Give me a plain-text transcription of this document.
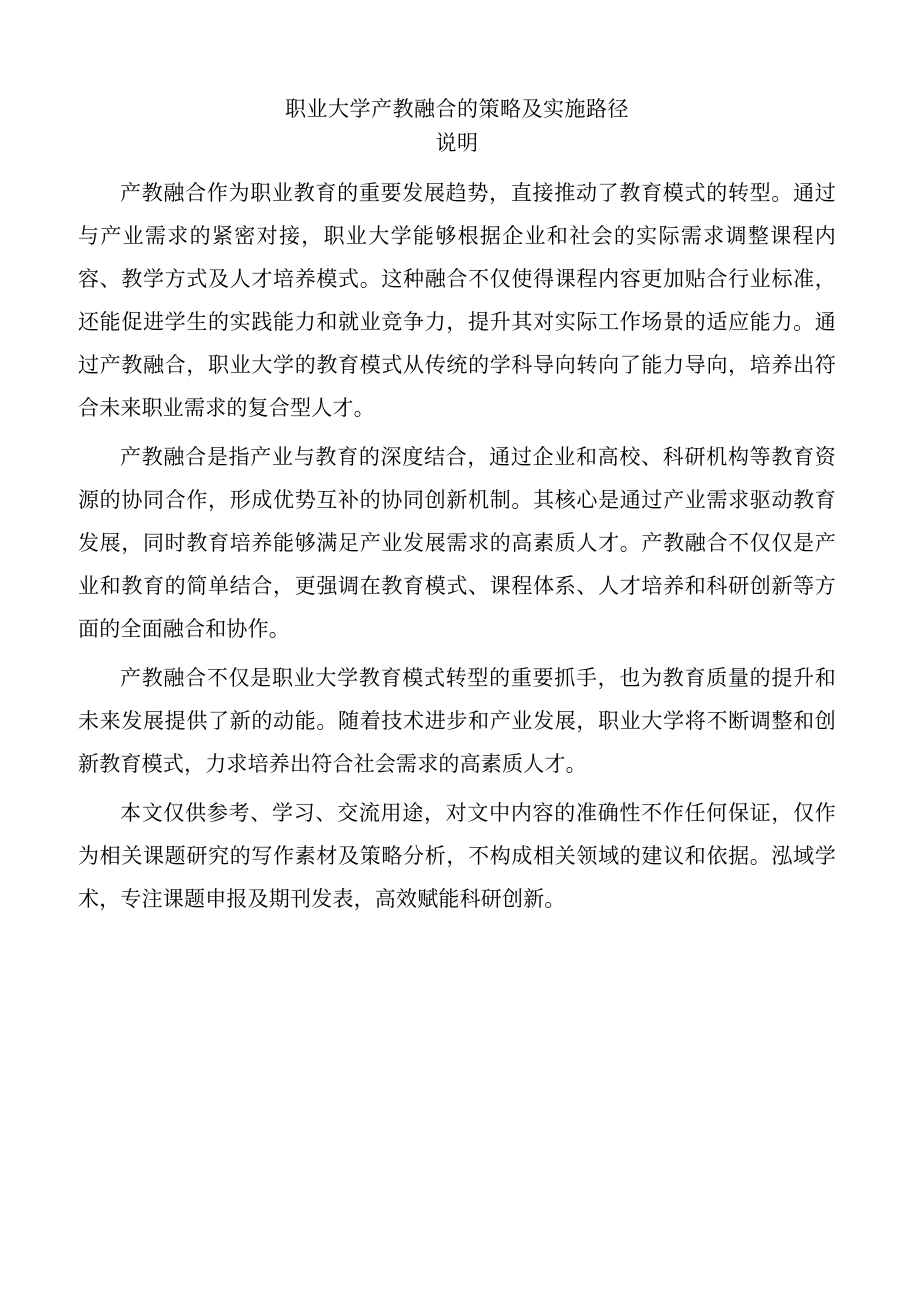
职业大学产教融合的策略及实施路径
说明

产教融合作为职业教育的重要发展趋势，直接推动了教育模式的转型。通过与产业需求的紧密对接，职业大学能够根据企业和社会的实际需求调整课程内容、教学方式及人才培养模式。这种融合不仅使得课程内容更加贴合行业标准，还能促进学生的实践能力和就业竞争力，提升其对实际工作场景的适应能力。通过产教融合，职业大学的教育模式从传统的学科导向转向了能力导向，培养出符合未来职业需求的复合型人才。

产教融合是指产业与教育的深度结合，通过企业和高校、科研机构等教育资源的协同合作，形成优势互补的协同创新机制。其核心是通过产业需求驱动教育发展，同时教育培养能够满足产业发展需求的高素质人才。产教融合不仅仅是产业和教育的简单结合，更强调在教育模式、课程体系、人才培养和科研创新等方面的全面融合和协作。

产教融合不仅是职业大学教育模式转型的重要抓手，也为教育质量的提升和未来发展提供了新的动能。随着技术进步和产业发展，职业大学将不断调整和创新教育模式，力求培养出符合社会需求的高素质人才。

本文仅供参考、学习、交流用途，对文中内容的准确性不作任何保证，仅作为相关课题研究的写作素材及策略分析，不构成相关领域的建议和依据。泓域学术，专注课题申报及期刊发表，高效赋能科研创新。
